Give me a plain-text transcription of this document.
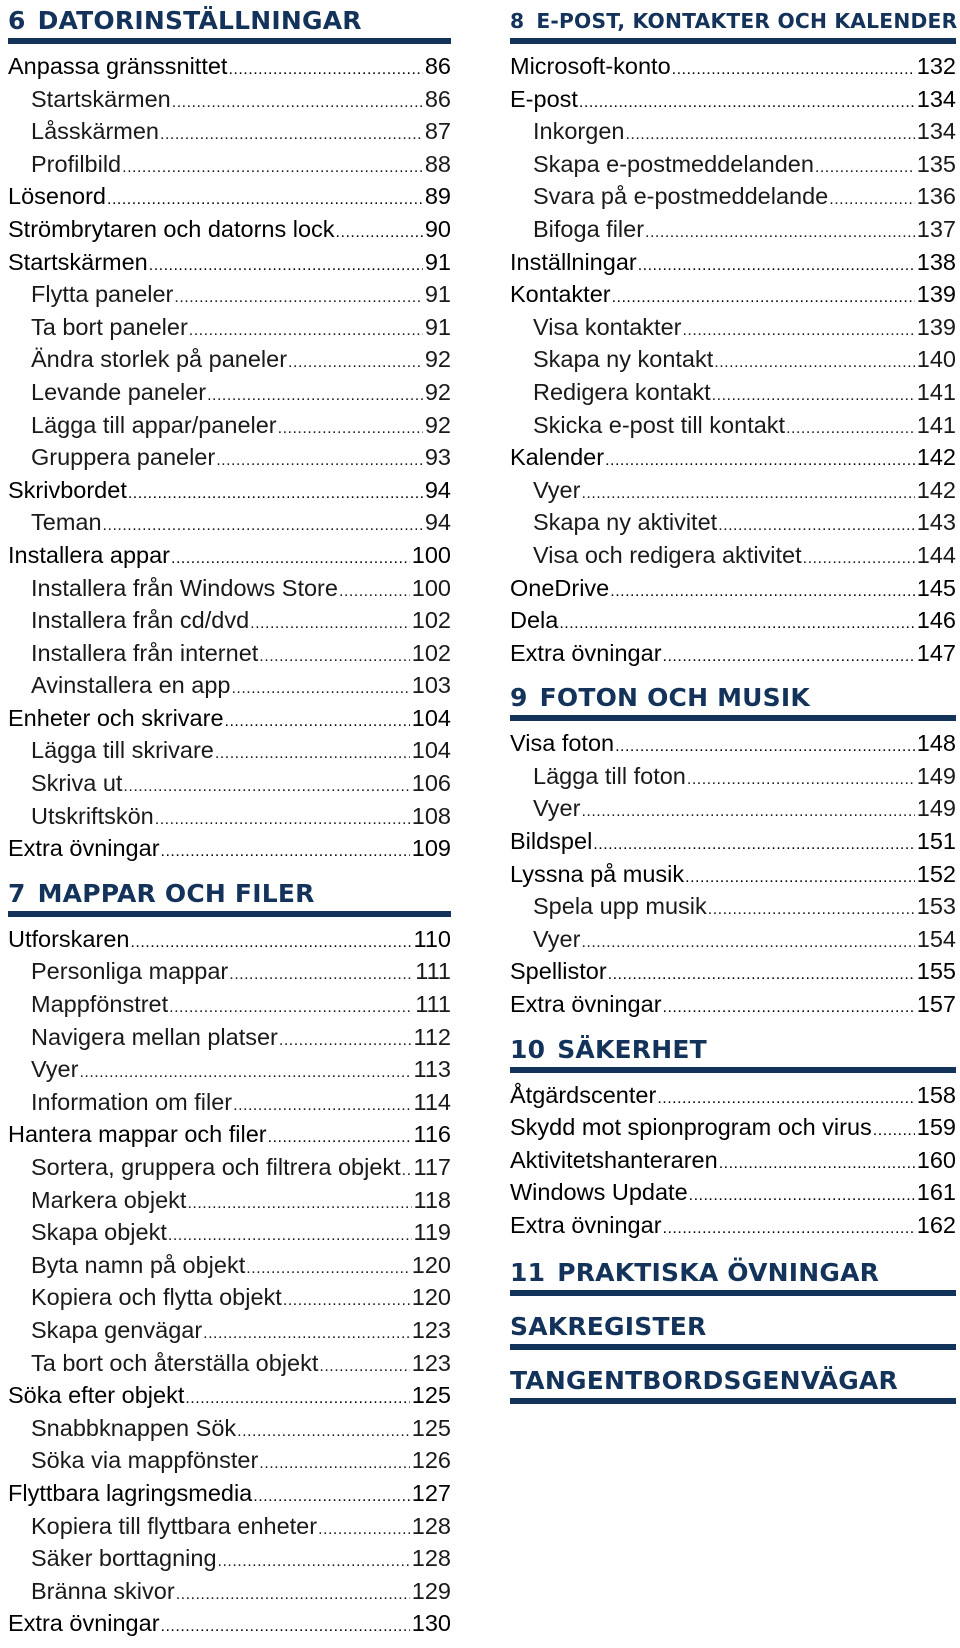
6 DATORINSTÄLLNINGAR
Anpassa gränssnittet .....	86
Startskärmen .....	86
Låsskärmen .....	87
Profilbild .....	88
Lösenord .....	89
Strömbrytaren och datorns lock .....	90
Startskärmen .....	91
Flytta paneler .....	91
Ta bort paneler .....	91
Ändra storlek på paneler .....	92
Levande paneler .....	92
Lägga till appar/paneler .....	92
Gruppera paneler .....	93
Skrivbordet .....	94
Teman .....	94
Installera appar .....	100
Installera från Windows Store .....	100
Installera från cd/dvd .....	102
Installera från internet .....	102
Avinstallera en app .....	103
Enheter och skrivare .....	104
Lägga till skrivare .....	104
Skriva ut .....	106
Utskriftskön .....	108
Extra övningar .....	109
7 MAPPAR OCH FILER
Utforskaren .....	110
Personliga mappar .....	111
Mappfönstret .....	111
Navigera mellan platser .....	112
Vyer .....	113
Information om filer .....	114
Hantera mappar och filer .....	116
Sortera, gruppera och filtrera objekt ..... 117
Markera objekt .....	118
Skapa objekt .....	119
Byta namn på objekt .....	120
Kopiera och flytta objekt .....	120
Skapa genvägar .....	123
Ta bort och återställa objekt .....	123
Söka efter objekt .....	125
Snabbknappen Sök .....	125
Söka via mappfönster .....	126
Flyttbara lagringsmedia .....	127
Kopiera till flyttbara enheter .....	128
Säker borttagning .....	128
Bränna skivor .....	129
Extra övningar .....	130
8 E-POST, KONTAKTER OCH KALENDER
Microsoft-konto .....	132
E-post .....	134
Inkorgen .....	134
Skapa e-postmeddelanden .....	135
Svara på e-postmeddelande .....	136
Bifoga filer .....	137
Inställningar .....	138
Kontakter .....	139
Visa kontakter .....	139
Skapa ny kontakt .....	140
Redigera kontakt .....	141
Skicka e-post till kontakt .....	141
Kalender .....	142
Vyer .....	142
Skapa ny aktivitet .....	143
Visa och redigera aktivitet .....	144
OneDrive .....	145
Dela .....	146
Extra övningar .....	147
9 FOTON OCH MUSIK
Visa foton .....	148
Lägga till foton .....	149
Vyer .....	149
Bildspel .....	151
Lyssna på musik .....	152
Spela upp musik .....	153
Vyer .....	154
Spellistor .....	155
Extra övningar .....	157
10 SÄKERHET
Åtgärdscenter .....	158
Skydd mot spionprogram och virus ..... 159
Aktivitetshanteraren .....	160
Windows Update .....	161
Extra övningar .....	162
11 PRAKTISKA ÖVNINGAR
SAKREGISTER
TANGENTBORDSGENVÄGAR
